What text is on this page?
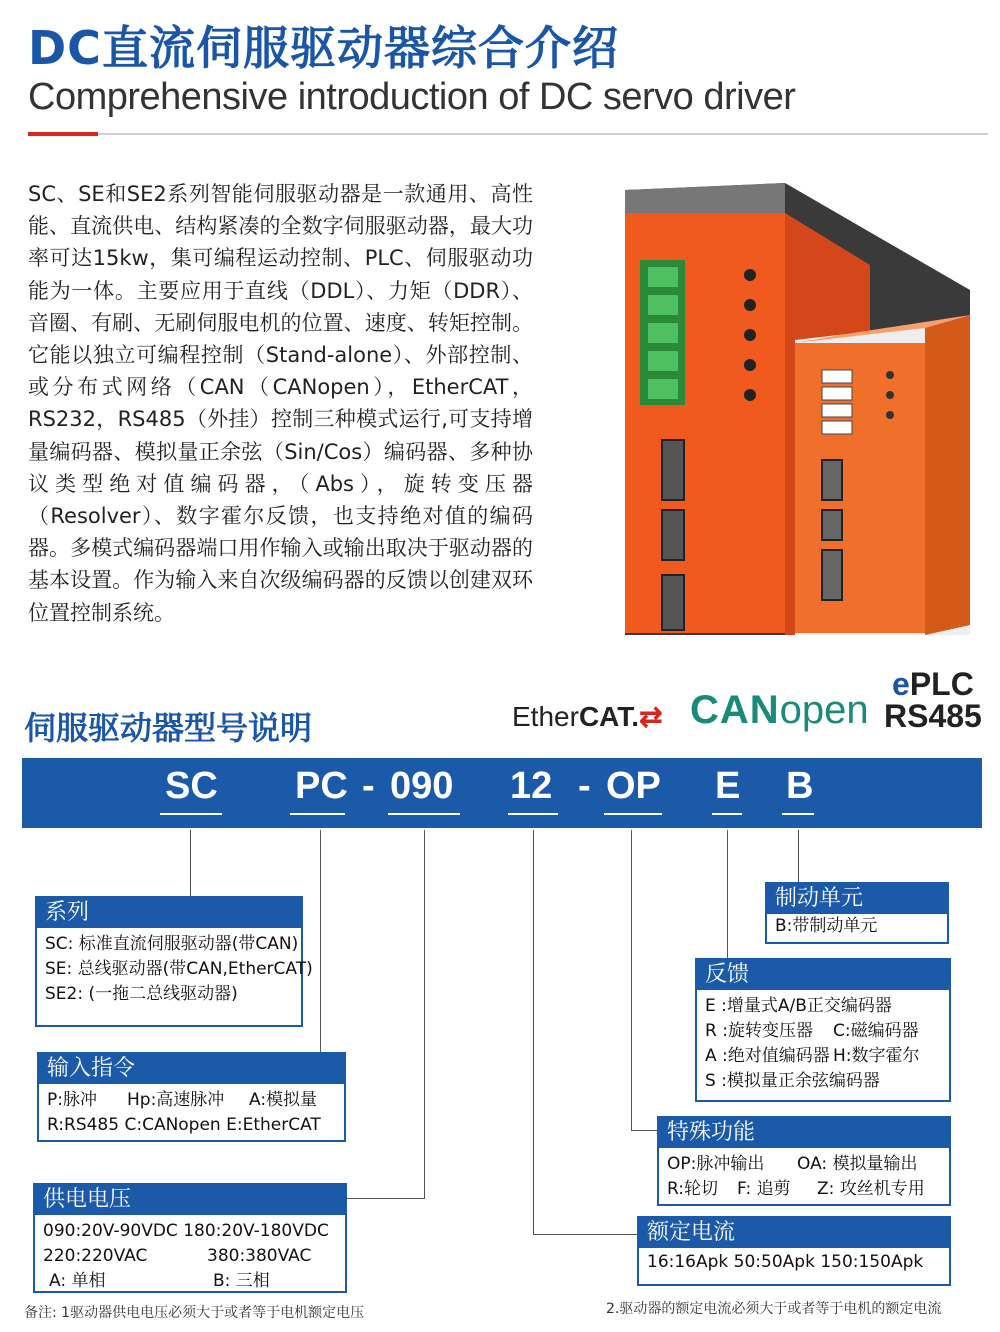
DC直流伺服驱动器综合介绍
Comprehensive introduction of DC servo driver
SC、SE和SE2系列智能伺服驱动器是一款通用、高性能、直流供电、结构紧凑的全数字伺服驱动器，最大功率可达15kw，集可编程运动控制、PLC、伺服驱动功能为一体。主要应用于直线（DDL）、力矩（DDR）、音圈、有刷、无刷伺服电机的位置、速度、转矩控制。它能以独立可编程控制（Stand-alone）、外部控制、或分布式网络（CAN（CANopen），EtherCAT，RS232，RS485（外挂）控制三种模式运行,可支持增量编码器、模拟量正余弦（Sin/Cos）编码器、多种协议类型绝对值编码器，（Abs），旋转变压器（Resolver）、数字霍尔反馈，也支持绝对值的编码器。多模式编码器端口用作输入或输出取决于驱动器的基本设置。作为输入来自次级编码器的反馈以创建双环位置控制系统。
EtherCAT.⇄ CANopen
ePLC
RS485
伺服驱动器型号说明
SC PC - 090 12 - OP E B
系列
SC: 标准直流伺服驱动器(带CAN)
SE: 总线驱动器(带CAN,EtherCAT)
SE2: (一拖二总线驱动器)
输入指令
P:脉冲	Hp:高速脉冲	A:模拟量
R:RS485 C:CANopen E:EtherCAT
供电电压
090:20V-90VDC 180:20V-180VDC
220:220VAC	380:380VAC
A: 单相	B: 三相
制动单元
B:带制动单元
反馈
E :增量式A/B正交编码器
R :旋转变压器	C:磁编码器
A :绝对值编码器 H:数字霍尔
S :模拟量正余弦编码器
特殊功能
OP:脉冲输出	OA: 模拟量输出
R:轮切	F: 追剪	Z: 攻丝机专用
额定电流
16:16Apk 50:50Apk 150:150Apk
备注: 1驱动器供电电压必须大于或者等于电机额定电压	2.驱动器的额定电流必须大于或者等于电机的额定电流
